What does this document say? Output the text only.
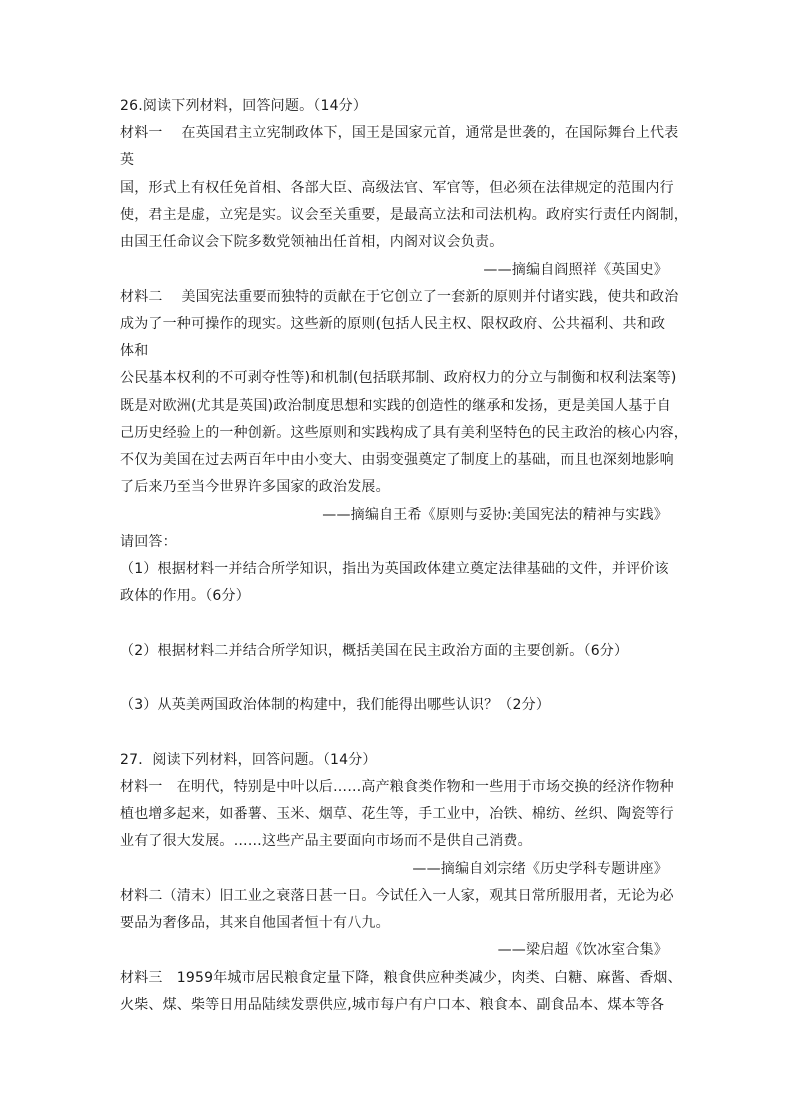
26.阅读下列材料，回答问题。（14分）
材料一　 在英国君主立宪制政体下，国王是国家元首，通常是世袭的，在国际舞台上代表
英
国，形式上有权任免首相、各部大臣、高级法官、军官等，但必须在法律规定的范围内行
使，君主是虚，立宪是实。议会至关重要，是最高立法和司法机构。政府实行责任内阁制，
由国王任命议会下院多数党领袖出任首相，内阁对议会负责。
——摘编自阎照祥《英国史》
材料二　 美国宪法重要而独特的贡献在于它创立了一套新的原则并付诸实践，使共和政治
成为了一种可操作的现实。这些新的原则(包括人民主权、限权政府、公共福利、共和政
体和
公民基本权利的不可剥夺性等)和机制(包括联邦制、政府权力的分立与制衡和权利法案等)
既是对欧洲(尤其是英国)政治制度思想和实践的创造性的继承和发扬，更是美国人基于自
己历史经验上的一种创新。这些原则和实践构成了具有美利坚特色的民主政治的核心内容，
不仅为美国在过去两百年中由小变大、由弱变强奠定了制度上的基础，而且也深刻地影响
了后来乃至当今世界许多国家的政治发展。
——摘编自王希《原则与妥协:美国宪法的精神与实践》
请回答：
（1）根据材料一并结合所学知识，指出为英国政体建立奠定法律基础的文件，并评价该
政体的作用。（6分）
（2）根据材料二并结合所学知识，概括美国在民主政治方面的主要创新。（6分）
（3）从英美两国政治体制的构建中，我们能得出哪些认识？（2分）
27．阅读下列材料，回答问题。（14分）
材料一　在明代，特别是中叶以后……高产粮食类作物和一些用于市场交换的经济作物种
植也增多起来，如番薯、玉米、烟草、花生等，手工业中，冶铁、棉纺、丝织、陶瓷等行
业有了很大发展。……这些产品主要面向市场而不是供自己消费。
——摘编自刘宗绪《历史学科专题讲座》
材料二（清末）旧工业之衰落日甚一日。今试任入一人家，观其日常所服用者，无论为必
要品为奢侈品，其来自他国者恒十有八九。
——梁启超《饮冰室合集》
材料三　1959年城市居民粮食定量下降，粮食供应种类减少，肉类、白糖、麻酱、香烟、
火柴、煤、柴等日用品陆续发票供应,城市每户有户口本、粮食本、副食品本、煤本等各
